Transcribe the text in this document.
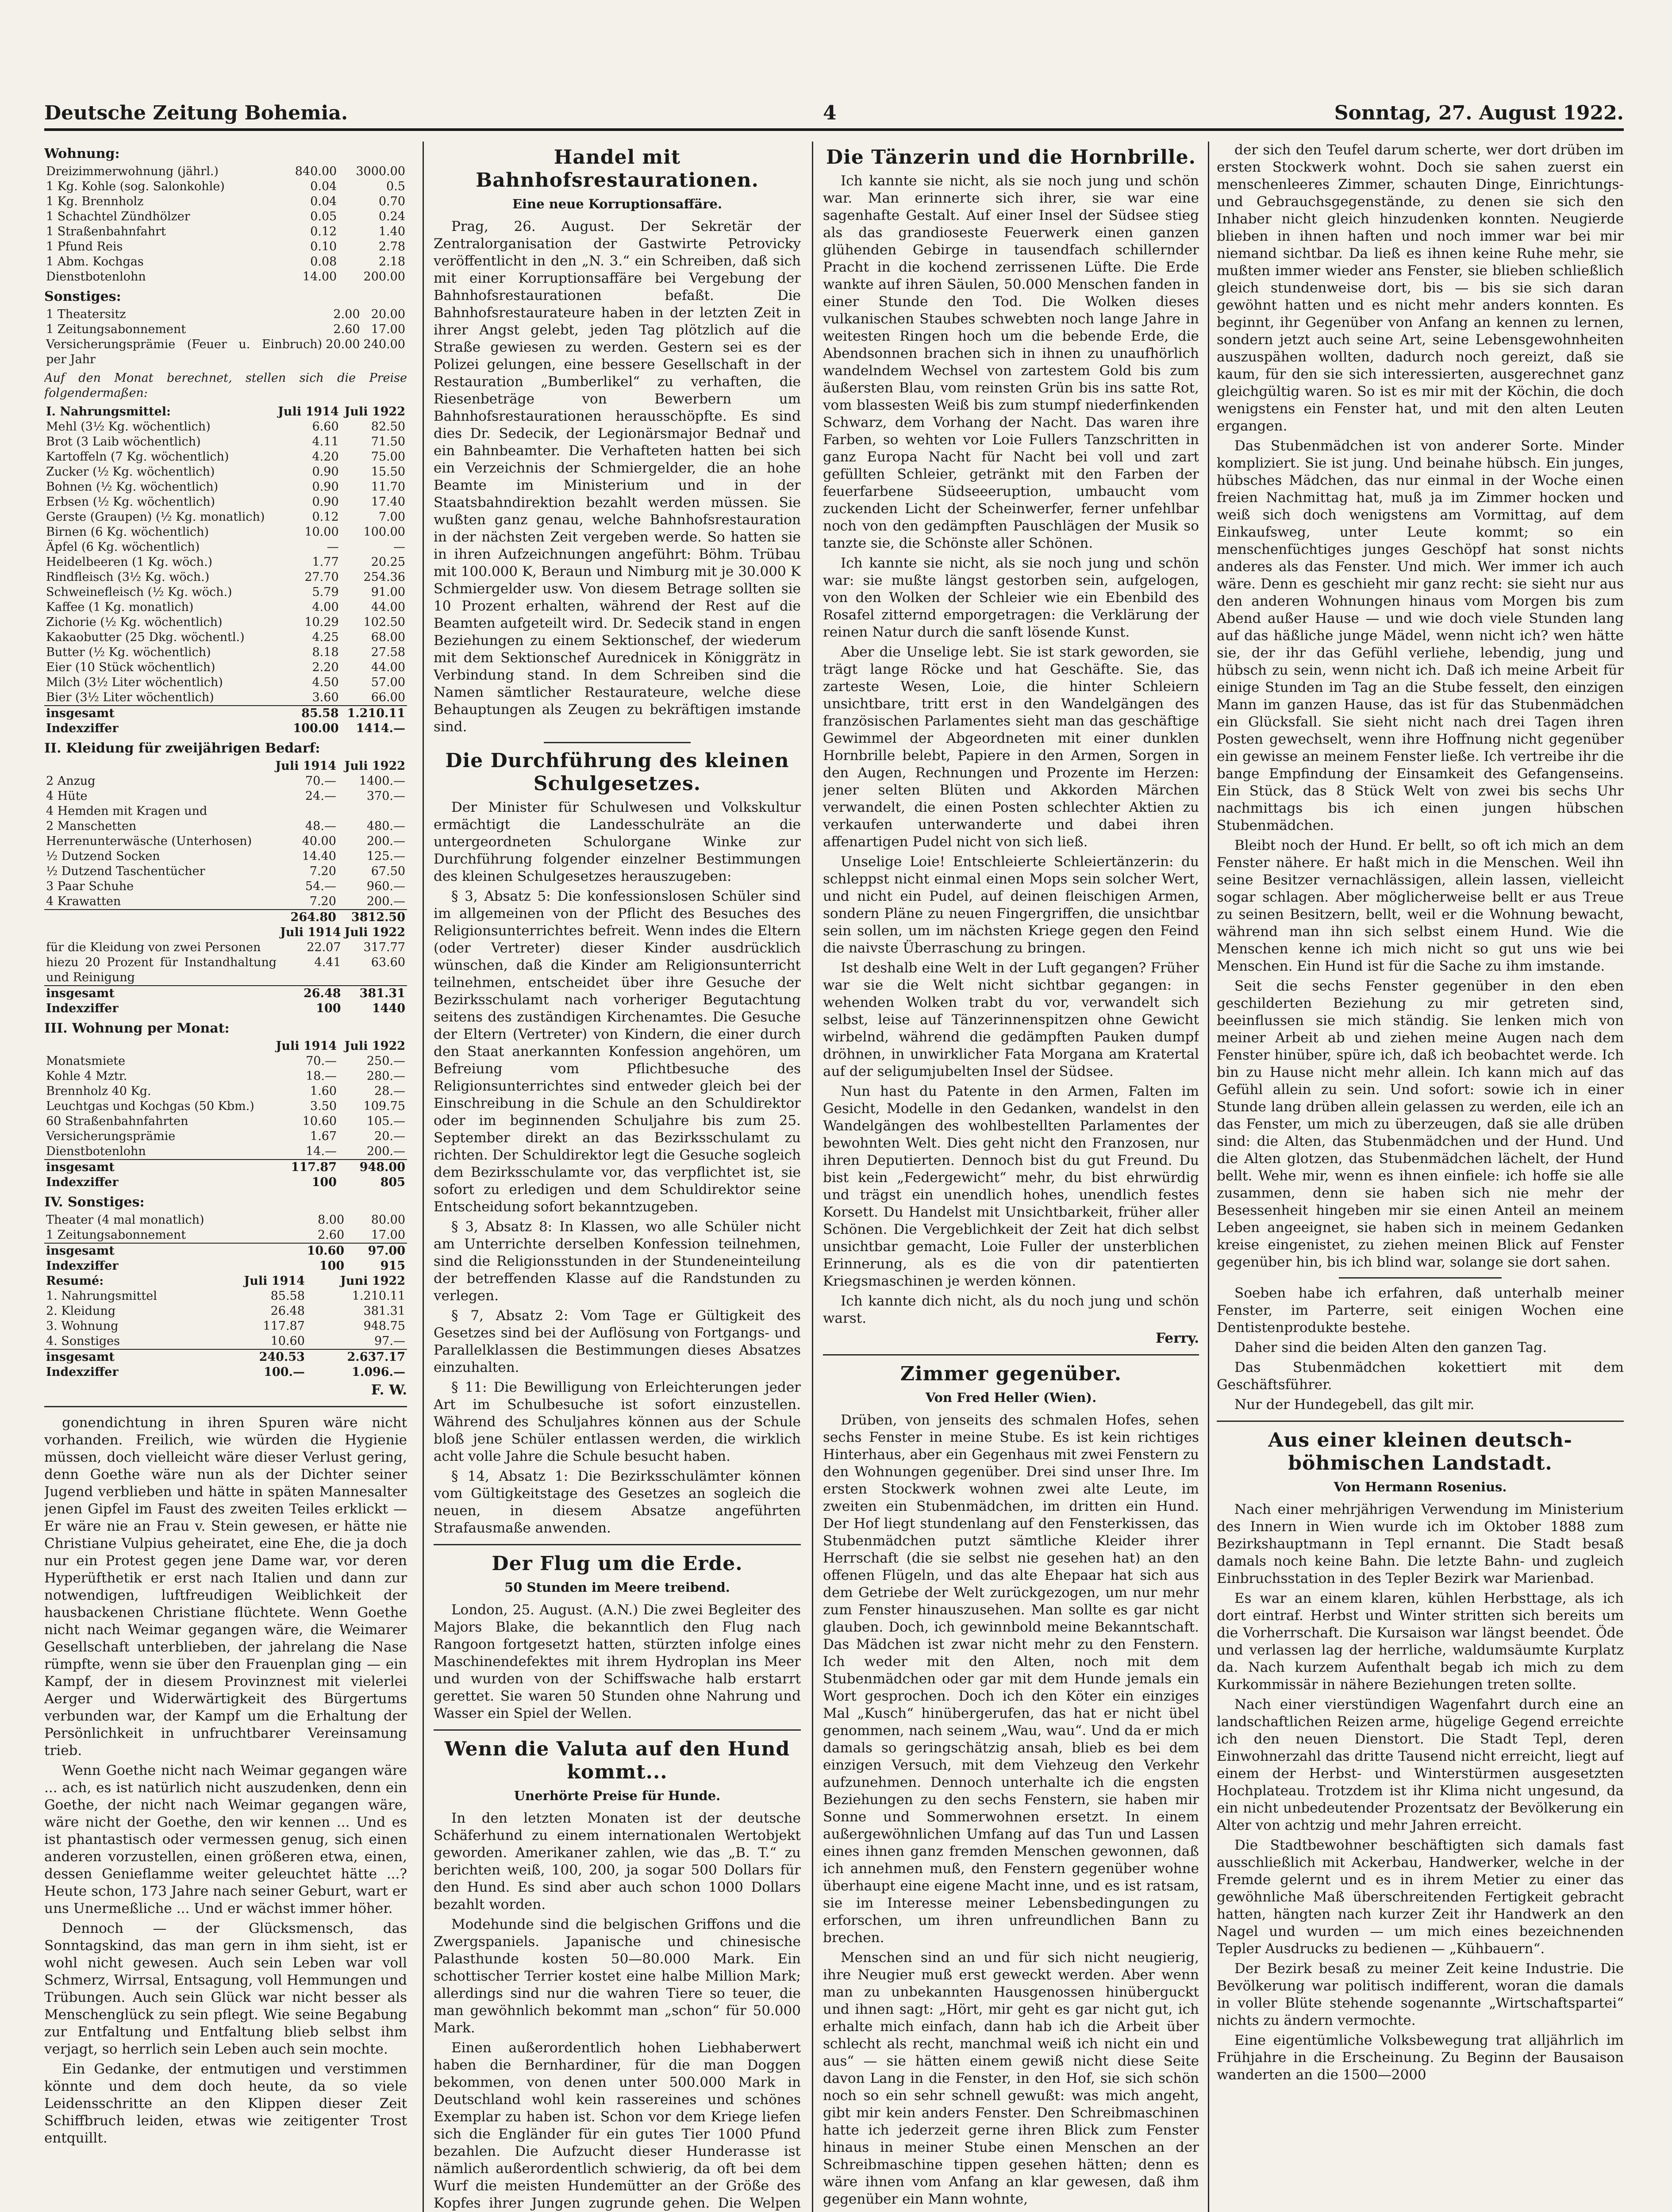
Deutsche Zeitung Bohemia.	4	Sonntag, 27. August 1922.
Wohnung:
Dreizimmerwohnung (jährl.)	840.00	3000.00
1 Kg. Kohle (sog. Salonkohle)	0.04	0.5
1 Kg. Brennholz	0.04	0.70
1 Schachtel Zündhölzer	0.05	0.24
1 Straßenbahnfahrt	0.12	1.40
1 Pfund Reis	0.10	2.78
1 Abm. Kochgas	0.08	2.18
Dienstbotenlohn	14.00	200.00
Sonstiges:
1 Theatersitz	2.00	20.00
1 Zeitungsabonnement	2.60	17.00
Versicherungsprämie (Feuer u. Einbruch) per Jahr	20.00	240.00
Auf den Monat berechnet, stellen sich die Preise folgendermaßen:
I. Nahrungsmittel:	Juli 1914	Juli 1922
Mehl (3½ Kg. wöchentlich)	6.60	82.50
Brot (3 Laib wöchentlich)	4.11	71.50
Kartoffeln (7 Kg. wöchentlich)	4.20	75.00
Zucker (½ Kg. wöchentlich)	0.90	15.50
Bohnen (½ Kg. wöchentlich)	0.90	11.70
Erbsen (½ Kg. wöchentlich)	0.90	17.40
Gerste (Graupen) (½ Kg. monatlich)	0.12	7.00
Birnen (6 Kg. wöchentlich)	10.00	100.00
Äpfel (6 Kg. wöchentlich)	—	—
Heidelbeeren (1 Kg. wöch.)	1.77	20.25
Rindfleisch (3½ Kg. wöch.)	27.70	254.36
Schweinefleisch (½ Kg. wöch.)	5.79	91.00
Kaffee (1 Kg. monatlich)	4.00	44.00
Zichorie (½ Kg. wöchentlich)	10.29	102.50
Kakaobutter (25 Dkg. wöchentl.)	4.25	68.00
Butter (½ Kg. wöchentlich)	8.18	27.58
Eier (10 Stück wöchentlich)	2.20	44.00
Milch (3½ Liter wöchentlich)	4.50	57.00
Bier (3½ Liter wöchentlich)	3.60	66.00
insgesamt	85.58	1.210.11
Indexziffer	100.00	1414.—
II. Kleidung für zweijährigen Bedarf:
	Juli 1914	Juli 1922
2 Anzug	70.—	1400.—
4 Hüte	24.—	370.—
4 Hemden mit Kragen und		
2 Manschetten	48.—	480.—
Herrenunterwäsche (Unterhosen)	40.00	200.—
½ Dutzend Socken	14.40	125.—
½ Dutzend Taschentücher	7.20	67.50
3 Paar Schuhe	54.—	960.—
4 Krawatten	7.20	200.—
	264.80	3812.50
	Juli 1914	Juli 1922
für die Kleidung von zwei Personen	22.07	317.77
hiezu 20 Prozent für Instandhaltung und Reinigung	4.41	63.60
insgesamt	26.48	381.31
Indexziffer	100	1440
III. Wohnung per Monat:
	Juli 1914	Juli 1922
Monatsmiete	70.—	250.—
Kohle 4 Mztr.	18.—	280.—
Brennholz 40 Kg.	1.60	28.—
Leuchtgas und Kochgas (50 Kbm.)	3.50	109.75
60 Straßenbahnfahrten	10.60	105.—
Versicherungsprämie	1.67	20.—
Dienstbotenlohn	14.—	200.—
insgesamt	117.87	948.00
Indexziffer	100	805
IV. Sonstiges:
Theater (4 mal monatlich)	8.00	80.00
1 Zeitungsabonnement	2.60	17.00
insgesamt	10.60	97.00
Indexziffer	100	915
Resumé:	Juli 1914	Juni 1922
1. Nahrungsmittel	85.58	1.210.11
2. Kleidung	26.48	381.31
3. Wohnung	117.87	948.75
4. Sonstiges	10.60	97.—
insgesamt	240.53	2.637.17
Indexziffer	100.—	1.096.—
F. W.

gonendichtung in ihren Spuren wäre nicht vorhanden. Freilich, wie würden die Hygienie müssen, doch vielleicht wäre dieser Verlust gering, denn Goethe wäre nun als der Dichter seiner Jugend verblieben und hätte in späten Mannesalter jenen Gipfel im Faust des zweiten Teiles erklickt — Er wäre nie an Frau v. Stein gewesen, er hätte nie Christiane Vulpius geheiratet, eine Ehe, die ja doch nur ein Protest gegen jene Dame war, vor deren Hyperüfthetik er erst nach Italien und dann zur notwendigen, luftfreudigen Weiblichkeit der hausbackenen Christiane flüchtete. Wenn Goethe nicht nach Weimar gegangen wäre, die Weimarer Gesellschaft unterblieben, der jahrelang die Nase rümpfte, wenn sie über den Frauenplan ging — ein Kampf, der in diesem Provinznest mit vielerlei Aerger und Widerwärtigkeit des Bürgertums verbunden war, der Kampf um die Erhaltung der Persönlichkeit in unfruchtbarer Vereinsamung trieb.

Wenn Goethe nicht nach Weimar gegangen wäre ... ach, es ist natürlich nicht auszudenken, denn ein Goethe, der nicht nach Weimar gegangen wäre, wäre nicht der Goethe, den wir kennen ... Und es ist phantastisch oder vermessen genug, sich einen anderen vorzustellen, einen größeren etwa, einen, dessen Genieflamme weiter geleuchtet hätte ...? Heute schon, 173 Jahre nach seiner Geburt, wart er uns Unermeßliche ... Und er wächst immer höher.

Dennoch — der Glücksmensch, das Sonntagskind, das man gern in ihm sieht, ist er wohl nicht gewesen. Auch sein Leben war voll Schmerz, Wirrsal, Entsagung, voll Hemmungen und Trübungen. Auch sein Glück war nicht besser als Menschenglück zu sein pflegt. Wie seine Begabung zur Entfaltung und Entfaltung blieb selbst ihm verjagt, so herrlich sein Leben auch sein mochte.

Ein Gedanke, der entmutigen und verstimmen könnte und dem doch heute, da so viele Leidensschritte an den Klippen dieser Zeit Schiffbruch leiden, etwas wie zeitigenter Trost entquillt.

Handel mit Bahnhofsrestaurationen.
Eine neue Korruptionsaffäre.

Prag, 26. August. Der Sekretär der Zentralorganisation der Gastwirte Petrovicky veröffentlicht in den „N. 3.“ ein Schreiben, daß sich mit einer Korruptionsaffäre bei Vergebung der Bahnhofsrestaurationen befaßt. Die Bahnhofsrestaurateure haben in der letzten Zeit in ihrer Angst gelebt, jeden Tag plötzlich auf die Straße gewiesen zu werden. Gestern sei es der Polizei gelungen, eine bessere Gesellschaft in der Restauration „Bumberlikel“ zu verhaften, die Riesenbeträge von Bewerbern um Bahnhofsrestaurationen herausschöpfte. Es sind dies Dr. Sedecik, der Legionärsmajor Bednař und ein Bahnbeamter. Die Verhafteten hatten bei sich ein Verzeichnis der Schmiergelder, die an hohe Beamte im Ministerium und in der Staatsbahndirektion bezahlt werden müssen. Sie wußten ganz genau, welche Bahnhofsrestauration in der nächsten Zeit vergeben werde. So hatten sie in ihren Aufzeichnungen angeführt: Böhm. Trübau mit 100.000 K, Beraun und Nimburg mit je 30.000 K Schmiergelder usw. Von diesem Betrage sollten sie 10 Prozent erhalten, während der Rest auf die Beamten aufgeteilt wird. Dr. Sedecik stand in engen Beziehungen zu einem Sektionschef, der wiederum mit dem Sektionschef Aurednicek in Königgrätz in Verbindung stand. In dem Schreiben sind die Namen sämtlicher Restaurateure, welche diese Behauptungen als Zeugen zu bekräftigen imstande sind.

Die Durchführung des kleinen Schulgesetzes.

Der Minister für Schulwesen und Volkskultur ermächtigt die Landesschulräte an die untergeordneten Schulorgane Winke zur Durchführung folgender einzelner Bestimmungen des kleinen Schulgesetzes herauszugeben:

§ 3, Absatz 5: Die konfessionslosen Schüler sind im allgemeinen von der Pflicht des Besuches des Religionsunterrichtes befreit. Wenn indes die Eltern (oder Vertreter) dieser Kinder ausdrücklich wünschen, daß die Kinder am Religionsunterricht teilnehmen, entscheidet über ihre Gesuche der Bezirksschulamt nach vorheriger Begutachtung seitens des zuständigen Kirchenamtes. Die Gesuche der Eltern (Vertreter) von Kindern, die einer durch den Staat anerkannten Konfession angehören, um Befreiung vom Pflichtbesuche des Religionsunterrichtes sind entweder gleich bei der Einschreibung in die Schule an den Schuldirektor oder im beginnenden Schuljahre bis zum 25. September direkt an das Bezirksschulamt zu richten. Der Schuldirektor legt die Gesuche sogleich dem Bezirksschulamte vor, das verpflichtet ist, sie sofort zu erledigen und dem Schuldirektor seine Entscheidung sofort bekanntzugeben.

§ 3, Absatz 8: In Klassen, wo alle Schüler nicht am Unterrichte derselben Konfession teilnehmen, sind die Religionsstunden in der Stundeneinteilung der betreffenden Klasse auf die Randstunden zu verlegen.

§ 7, Absatz 2: Vom Tage er Gültigkeit des Gesetzes sind bei der Auflösung von Fortgangs- und Parallelklassen die Bestimmungen dieses Absatzes einzuhalten.

§ 11: Die Bewilligung von Erleichterungen jeder Art im Schulbesuche ist sofort einzustellen. Während des Schuljahres können aus der Schule bloß jene Schüler entlassen werden, die wirklich acht volle Jahre die Schule besucht haben.

§ 14, Absatz 1: Die Bezirksschulämter können vom Gültigkeitstage des Gesetzes an sogleich die neuen, in diesem Absatze angeführten Strafausmaße anwenden.

Der Flug um die Erde.
50 Stunden im Meere treibend.

London, 25. August. (A.N.) Die zwei Begleiter des Majors Blake, die bekanntlich den Flug nach Rangoon fortgesetzt hatten, stürzten infolge eines Maschinendefektes mit ihrem Hydroplan ins Meer und wurden von der Schiffswache halb erstarrt gerettet. Sie waren 50 Stunden ohne Nahrung und Wasser ein Spiel der Wellen.

Wenn die Valuta auf den Hund kommt...
Unerhörte Preise für Hunde.

In den letzten Monaten ist der deutsche Schäferhund zu einem internationalen Wertobjekt geworden. Amerikaner zahlen, wie das „B. T.“ zu berichten weiß, 100, 200, ja sogar 500 Dollars für den Hund. Es sind aber auch schon 1000 Dollars bezahlt worden.

Modehunde sind die belgischen Griffons und die Zwergspaniels. Japanische und chinesische Palasthunde kosten 50—80.000 Mark. Ein schottischer Terrier kostet eine halbe Million Mark; allerdings sind nur die wahren Tiere so teuer, die man gewöhnlich bekommt man „schon“ für 50.000 Mark.

Einen außerordentlich hohen Liebhaberwert haben die Bernhardiner, für die man Doggen bekommen, von denen unter 500.000 Mark in Deutschland wohl kein rassereines und schönes Exemplar zu haben ist. Schon vor dem Kriege liefen sich die Engländer für ein gutes Tier 1000 Pfund bezahlen. Die Aufzucht dieser Hunderasse ist nämlich außerordentlich schwierig, da oft bei dem Wurf die meisten Hundemütter an der Größe des Kopfes ihrer Jungen zugrunde gehen. Die Welpen

Die Tänzerin und die Hornbrille.

Ich kannte sie nicht, als sie noch jung und schön war. Man erinnerte sich ihrer, sie war eine sagenhafte Gestalt. Auf einer Insel der Südsee stieg als das grandioseste Feuerwerk einen ganzen glühenden Gebirge in tausendfach schillernder Pracht in die kochend zerrissenen Lüfte. Die Erde wankte auf ihren Säulen, 50.000 Menschen fanden in einer Stunde den Tod. Die Wolken dieses vulkanischen Staubes schwebten noch lange Jahre in weitesten Ringen hoch um die bebende Erde, die Abendsonnen brachen sich in ihnen zu unaufhörlich wandelndem Wechsel von zartestem Gold bis zum äußersten Blau, vom reinsten Grün bis ins satte Rot, vom blassesten Weiß bis zum stumpf niederfinkenden Schwarz, dem Vorhang der Nacht. Das waren ihre Farben, so wehten vor Loie Fullers Tanzschritten in ganz Europa Nacht für Nacht bei voll und zart gefüllten Schleier, getränkt mit den Farben der feuerfarbene Südseeeruption, umbaucht vom zuckenden Licht der Scheinwerfer, ferner unfehlbar noch von den gedämpften Pauschlägen der Musik so tanzte sie, die Schönste aller Schönen.

Ich kannte sie nicht, als sie noch jung und schön war: sie mußte längst gestorben sein, aufgelogen, von den Wolken der Schleier wie ein Ebenbild des Rosafel zitternd emporgetragen: die Verklärung der reinen Natur durch die sanft lösende Kunst.

Aber die Unselige lebt. Sie ist stark geworden, sie trägt lange Röcke und hat Geschäfte. Sie, das zarteste Wesen, Loie, die hinter Schleiern unsichtbare, tritt erst in den Wandelgängen des französischen Parlamentes sieht man das geschäftige Gewimmel der Abgeordneten mit einer dunklen Hornbrille belebt, Papiere in den Armen, Sorgen in den Augen, Rechnungen und Prozente im Herzen: jener selten Blüten und Akkorden Märchen verwandelt, die einen Posten schlechter Aktien zu verkaufen unterwanderte und dabei ihren affenartigen Pudel nicht von sich ließ.

Unselige Loie! Entschleierte Schleiertänzerin: du schleppst nicht einmal einen Mops sein solcher Wert, und nicht ein Pudel, auf deinen fleischigen Armen, sondern Pläne zu neuen Fingergriffen, die unsichtbar sein sollen, um im nächsten Kriege gegen den Feind die naivste Überraschung zu bringen.

Ist deshalb eine Welt in der Luft gegangen? Früher war sie die Welt nicht sichtbar gegangen: in wehenden Wolken trabt du vor, verwandelt sich selbst, leise auf Tänzerinnenspitzen ohne Gewicht wirbelnd, während die gedämpften Pauken dumpf dröhnen, in unwirklicher Fata Morgana am Kratertal auf der seligumjubelten Insel der Südsee.

Nun hast du Patente in den Armen, Falten im Gesicht, Modelle in den Gedanken, wandelst in den Wandelgängen des wohlbestellten Parlamentes der bewohnten Welt. Dies geht nicht den Franzosen, nur ihren Deputierten. Dennoch bist du gut Freund. Du bist kein „Federgewicht“ mehr, du bist ehrwürdig und trägst ein unendlich hohes, unendlich festes Korsett. Du Handelst mit Unsichtbarkeit, früher aller Schönen. Die Vergeblichkeit der Zeit hat dich selbst unsichtbar gemacht, Loie Fuller der unsterblichen Erinnerung, als es die von dir patentierten Kriegsmaschinen je werden können.

Ich kannte dich nicht, als du noch jung und schön warst.

Ferry.
Zimmer gegenüber.
Von Fred Heller (Wien).

Drüben, von jenseits des schmalen Hofes, sehen sechs Fenster in meine Stube. Es ist kein richtiges Hinterhaus, aber ein Gegenhaus mit zwei Fenstern zu den Wohnungen gegenüber. Drei sind unser Ihre. Im ersten Stockwerk wohnen zwei alte Leute, im zweiten ein Stubenmädchen, im dritten ein Hund. Der Hof liegt stundenlang auf den Fensterkissen, das Stubenmädchen putzt sämtliche Kleider ihrer Herrschaft (die sie selbst nie gesehen hat) an den offenen Flügeln, und das alte Ehepaar hat sich aus dem Getriebe der Welt zurückgezogen, um nur mehr zum Fenster hinauszusehen. Man sollte es gar nicht glauben. Doch, ich gewinnbold meine Bekanntschaft. Das Mädchen ist zwar nicht mehr zu den Fenstern. Ich weder mit den Alten, noch mit dem Stubenmädchen oder gar mit dem Hunde jemals ein Wort gesprochen. Doch ich den Köter ein einziges Mal „Kusch“ hinübergerufen, das hat er nicht übel genommen, nach seinem „Wau, wau“. Und da er mich damals so geringschätzig ansah, blieb es bei dem einzigen Versuch, mit dem Viehzeug den Verkehr aufzunehmen. Dennoch unterhalte ich die engsten Beziehungen zu den sechs Fenstern, sie haben mir Sonne und Sommerwohnen ersetzt. In einem außergewöhnlichen Umfang auf das Tun und Lassen eines ihnen ganz fremden Menschen gewonnen, daß ich annehmen muß, den Fenstern gegenüber wohne überhaupt eine eigene Macht inne, und es ist ratsam, sie im Interesse meiner Lebensbedingungen zu erforschen, um ihren unfreundlichen Bann zu brechen.

Menschen sind an und für sich nicht neugierig, ihre Neugier muß erst geweckt werden. Aber wenn man zu unbekannten Hausgenossen hinüberguckt und ihnen sagt: „Hört, mir geht es gar nicht gut, ich erhalte mich einfach, dann hab ich die Arbeit über schlecht als recht, manchmal weiß ich nicht ein und aus“ — sie hätten einem gewiß nicht diese Seite davon Lang in die Fenster, in den Hof, sie sich schön noch so ein sehr schnell gewußt: was mich angeht, gibt mir kein anders Fenster. Den Schreibmaschinen hatte ich jederzeit gerne ihren Blick zum Fenster hinaus in meiner Stube einen Menschen an der Schreibmaschine tippen gesehen hätten; denn es wäre ihnen vom Anfang an klar gewesen, daß ihm gegenüber ein Mann wohnte,

der sich den Teufel darum scherte, wer dort drüben im ersten Stockwerk wohnt. Doch sie sahen zuerst ein menschenleeres Zimmer, schauten Dinge, Einrichtungs- und Gebrauchsgegenstände, zu denen sie sich den Inhaber nicht gleich hinzudenken konnten. Neugierde blieben in ihnen haften und noch immer war bei mir niemand sichtbar. Da ließ es ihnen keine Ruhe mehr, sie mußten immer wieder ans Fenster, sie blieben schließlich gleich stundenweise dort, bis — bis sie sich daran gewöhnt hatten und es nicht mehr anders konnten. Es beginnt, ihr Gegenüber von Anfang an kennen zu lernen, sondern jetzt auch seine Art, seine Lebensgewohnheiten auszuspähen wollten, dadurch noch gereizt, daß sie kaum, für den sie sich interessierten, ausgerechnet ganz gleichgültig waren. So ist es mir mit der Köchin, die doch wenigstens ein Fenster hat, und mit den alten Leuten ergangen.

Das Stubenmädchen ist von anderer Sorte. Minder kompliziert. Sie ist jung. Und beinahe hübsch. Ein junges, hübsches Mädchen, das nur einmal in der Woche einen freien Nachmittag hat, muß ja im Zimmer hocken und weiß sich doch wenigstens am Vormittag, auf dem Einkaufsweg, unter Leute kommt; so ein menschenfüchtiges junges Geschöpf hat sonst nichts anderes als das Fenster. Und mich. Wer immer ich auch wäre. Denn es geschieht mir ganz recht: sie sieht nur aus den anderen Wohnungen hinaus vom Morgen bis zum Abend außer Hause — und wie doch viele Stunden lang auf das häßliche junge Mädel, wenn nicht ich? wen hätte sie, der ihr das Gefühl verliehe, lebendig, jung und hübsch zu sein, wenn nicht ich. Daß ich meine Arbeit für einige Stunden im Tag an die Stube fesselt, den einzigen Mann im ganzen Hause, das ist für das Stubenmädchen ein Glücksfall. Sie sieht nicht nach drei Tagen ihren Posten gewechselt, wenn ihre Hoffnung nicht gegenüber ein gewisse an meinem Fenster ließe. Ich vertreibe ihr die bange Empfindung der Einsamkeit des Gefangenseins. Ein Stück, das 8 Stück Welt von zwei bis sechs Uhr nachmittags bis ich einen jungen hübschen Stubenmädchen.

Bleibt noch der Hund. Er bellt, so oft ich mich an dem Fenster nähere. Er haßt mich in die Menschen. Weil ihn seine Besitzer vernachlässigen, allein lassen, vielleicht sogar schlagen. Aber möglicherweise bellt er aus Treue zu seinen Besitzern, bellt, weil er die Wohnung bewacht, während man ihn sich selbst einem Hund. Wie die Menschen kenne ich mich nicht so gut uns wie bei Menschen. Ein Hund ist für die Sache zu ihm imstande.

Seit die sechs Fenster gegenüber in den eben geschilderten Beziehung zu mir getreten sind, beeinflussen sie mich ständig. Sie lenken mich von meiner Arbeit ab und ziehen meine Augen nach dem Fenster hinüber, spüre ich, daß ich beobachtet werde. Ich bin zu Hause nicht mehr allein. Ich kann mich auf das Gefühl allein zu sein. Und sofort: sowie ich in einer Stunde lang drüben allein gelassen zu werden, eile ich an das Fenster, um mich zu überzeugen, daß sie alle drüben sind: die Alten, das Stubenmädchen und der Hund. Und die Alten glotzen, das Stubenmädchen lächelt, der Hund bellt. Wehe mir, wenn es ihnen einfiele: ich hoffe sie alle zusammen, denn sie haben sich nie mehr der Besessenheit hingeben mir sie einen Anteil an meinem Leben angeeignet, sie haben sich in meinem Gedanken kreise eingenistet, zu ziehen meinen Blick auf Fenster gegenüber hin, bis ich blind war, solange sie dort sahen.

Soeben habe ich erfahren, daß unterhalb meiner Fenster, im Parterre, seit einigen Wochen eine Dentistenprodukte bestehe.

Daher sind die beiden Alten den ganzen Tag.

Das Stubenmädchen kokettiert mit dem Geschäftsführer.

Nur der Hundegebell, das gilt mir.

Aus einer kleinen deutsch-böhmischen Landstadt.
Von Hermann Rosenius.

Nach einer mehrjährigen Verwendung im Ministerium des Innern in Wien wurde ich im Oktober 1888 zum Bezirkshauptmann in Tepl ernannt. Die Stadt besaß damals noch keine Bahn. Die letzte Bahn- und zugleich Einbruchsstation in des Tepler Bezirk war Marienbad.

Es war an einem klaren, kühlen Herbsttage, als ich dort eintraf. Herbst und Winter stritten sich bereits um die Vorherrschaft. Die Kursaison war längst beendet. Öde und verlassen lag der herrliche, waldumsäumte Kurplatz da. Nach kurzem Aufenthalt begab ich mich zu dem Kurkommissär in nähere Beziehungen treten sollte.

Nach einer vierstündigen Wagenfahrt durch eine an landschaftlichen Reizen arme, hügelige Gegend erreichte ich den neuen Dienstort. Die Stadt Tepl, deren Einwohnerzahl das dritte Tausend nicht erreicht, liegt auf einem der Herbst- und Winterstürmen ausgesetzten Hochplateau. Trotzdem ist ihr Klima nicht ungesund, da ein nicht unbedeutender Prozentsatz der Bevölkerung ein Alter von achtzig und mehr Jahren erreicht.

Die Stadtbewohner beschäftigten sich damals fast ausschließlich mit Ackerbau, Handwerker, welche in der Fremde gelernt und es in ihrem Metier zu einer das gewöhnliche Maß überschreitenden Fertigkeit gebracht hatten, hängten nach kurzer Zeit ihr Handwerk an den Nagel und wurden — um mich eines bezeichnenden Tepler Ausdrucks zu bedienen — „Kühbauern“.

Der Bezirk besaß zu meiner Zeit keine Industrie. Die Bevölkerung war politisch indifferent, woran die damals in voller Blüte stehende sogenannte „Wirtschaftspartei“ nichts zu ändern vermochte.

Eine eigentümliche Volksbewegung trat alljährlich im Frühjahre in die Erscheinung. Zu Beginn der Bausaison wanderten an die 1500—2000
